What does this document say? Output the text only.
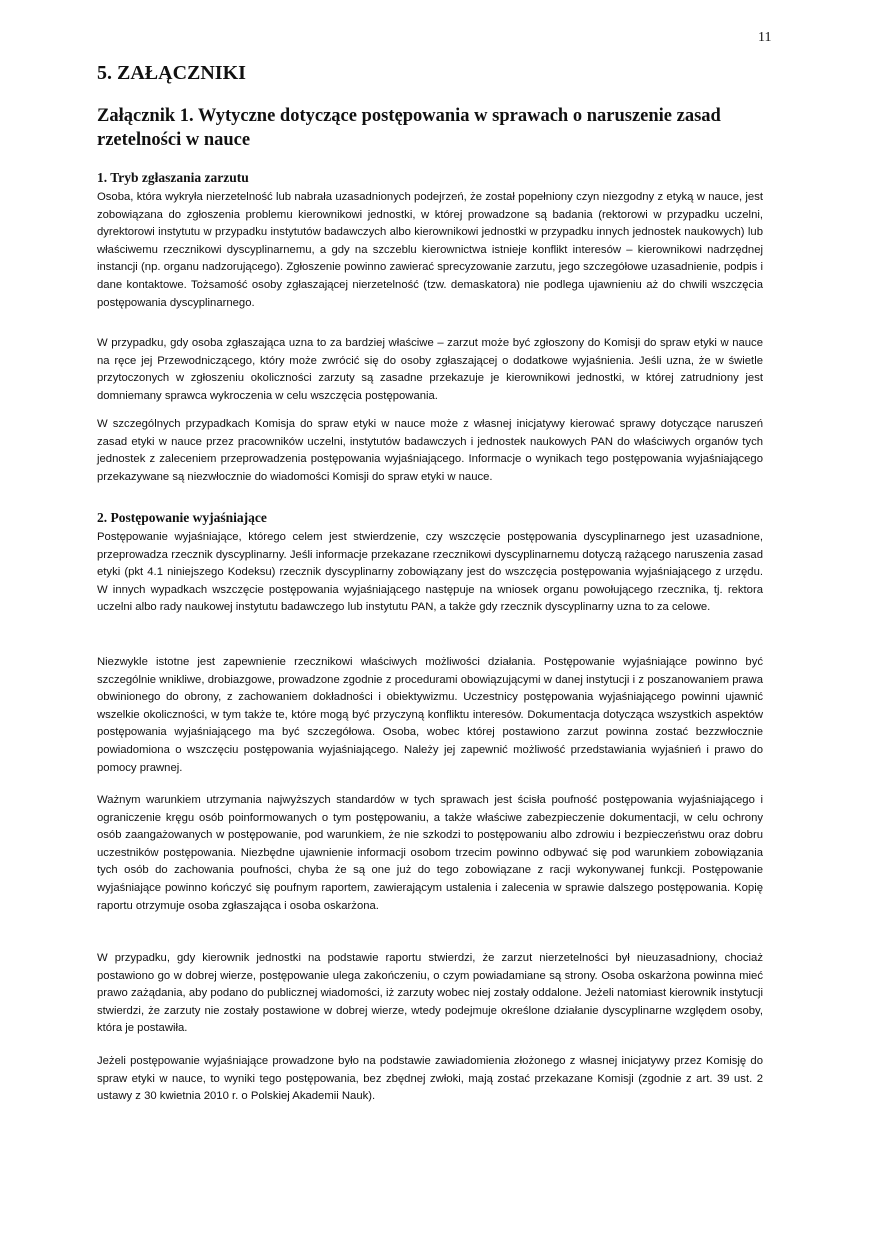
11
5. ZAŁĄCZNIKI
Załącznik 1. Wytyczne dotyczące postępowania w sprawach o naruszenie zasad rzetelności w nauce
1. Tryb zgłaszania zarzutu

Osoba, która wykryła nierzetelność lub nabrała uzasadnionych podejrzeń, że został popełniony czyn niezgodny z etyką w nauce, jest zobowiązana do zgłoszenia problemu kierownikowi jednostki, w której prowadzone są badania (rektorowi w przypadku uczelni, dyrektorowi instytutu w przypadku instytutów badawczych albo kierownikowi jednostki w przypadku innych jednostek naukowych) lub właściwemu rzecznikowi dyscyplinarnemu, a gdy na szczeblu kierownictwa istnieje konflikt interesów – kierownikowi nadrzędnej instancji (np. organu nadzorującego). Zgłoszenie powinno zawierać sprecyzowanie zarzutu, jego szczegółowe uzasadnienie, podpis i dane kontaktowe. Tożsamość osoby zgłaszającej nierzetelność (tzw. demaskatora) nie podlega ujawnieniu aż do chwili wszczęcia postępowania dyscyplinarnego.

W przypadku, gdy osoba zgłaszająca uzna to za bardziej właściwe – zarzut może być zgłoszony do Komisji do spraw etyki w nauce na ręce jej Przewodniczącego, który może zwrócić się do osoby zgłaszającej o dodatkowe wyjaśnienia. Jeśli uzna, że w świetle przytoczonych w zgłoszeniu okoliczności zarzuty są zasadne przekazuje je kierownikowi jednostki, w której zatrudniony jest domniemany sprawca wykroczenia w celu wszczęcia postępowania.

W szczególnych przypadkach Komisja do spraw etyki w nauce może z własnej inicjatywy kierować sprawy dotyczące naruszeń zasad etyki w nauce przez pracowników uczelni, instytutów badawczych i jednostek naukowych PAN do właściwych organów tych jednostek z zaleceniem przeprowadzenia postępowania wyjaśniającego. Informacje o wynikach tego postępowania wyjaśniającego przekazywane są niezwłocznie do wiadomości Komisji do spraw etyki w nauce.

2. Postępowanie wyjaśniające

Postępowanie wyjaśniające, którego celem jest stwierdzenie, czy wszczęcie postępowania dyscyplinarnego jest uzasadnione, przeprowadza rzecznik dyscyplinarny. Jeśli informacje przekazane rzecznikowi dyscyplinarnemu dotyczą rażącego naruszenia zasad etyki (pkt 4.1 niniejszego Kodeksu) rzecznik dyscyplinarny zobowiązany jest do wszczęcia postępowania wyjaśniającego z urzędu. W innych wypadkach wszczęcie postępowania wyjaśniającego następuje na wniosek organu powołującego rzecznika, tj. rektora uczelni albo rady naukowej instytutu badawczego lub instytutu PAN, a także gdy rzecznik dyscyplinarny uzna to za celowe.

Niezwykle istotne jest zapewnienie rzecznikowi właściwych możliwości działania. Postępowanie wyjaśniające powinno być szczególnie wnikliwe, drobiazgowe, prowadzone zgodnie z procedurami obowiązującymi w danej instytucji i z poszanowaniem prawa obwinionego do obrony, z zachowaniem dokładności i obiektywizmu. Uczestnicy postępowania wyjaśniającego powinni ujawnić wszelkie okoliczności, w tym także te, które mogą być przyczyną konfliktu interesów. Dokumentacja dotycząca wszystkich aspektów postępowania wyjaśniającego ma być szczegółowa. Osoba, wobec której postawiono zarzut powinna zostać bezzwłocznie powiadomiona o wszczęciu postępowania wyjaśniającego. Należy jej zapewnić możliwość przedstawiania wyjaśnień i prawo do pomocy prawnej.

Ważnym warunkiem utrzymania najwyższych standardów w tych sprawach jest ścisła poufność postępowania wyjaśniającego i ograniczenie kręgu osób poinformowanych o tym postępowaniu, a także właściwe zabezpieczenie dokumentacji, w celu ochrony osób zaangażowanych w postępowanie, pod warunkiem, że nie szkodzi to postępowaniu albo zdrowiu i bezpieczeństwu oraz dobru uczestników postępowania. Niezbędne ujawnienie informacji osobom trzecim powinno odbywać się pod warunkiem zobowiązania tych osób do zachowania poufności, chyba że są one już do tego zobowiązane z racji wykonywanej funkcji. Postępowanie wyjaśniające powinno kończyć się poufnym raportem, zawierającym ustalenia i zalecenia w sprawie dalszego postępowania. Kopię raportu otrzymuje osoba zgłaszająca i osoba oskarżona.

W przypadku, gdy kierownik jednostki na podstawie raportu stwierdzi, że zarzut nierzetelności był nieuzasadniony, chociaż postawiono go w dobrej wierze, postępowanie ulega zakończeniu, o czym powiadamiane są strony. Osoba oskarżona powinna mieć prawo zażądania, aby podano do publicznej wiadomości, iż zarzuty wobec niej zostały oddalone. Jeżeli natomiast kierownik instytucji stwierdzi, że zarzuty nie zostały postawione w dobrej wierze, wtedy podejmuje określone działanie dyscyplinarne względem osoby, która je postawiła.

Jeżeli postępowanie wyjaśniające prowadzone było na podstawie zawiadomienia złożonego z własnej inicjatywy przez Komisję do spraw etyki w nauce, to wyniki tego postępowania, bez zbędnej zwłoki, mają zostać przekazane Komisji (zgodnie z art. 39 ust. 2 ustawy z 30 kwietnia 2010 r. o Polskiej Akademii Nauk).
